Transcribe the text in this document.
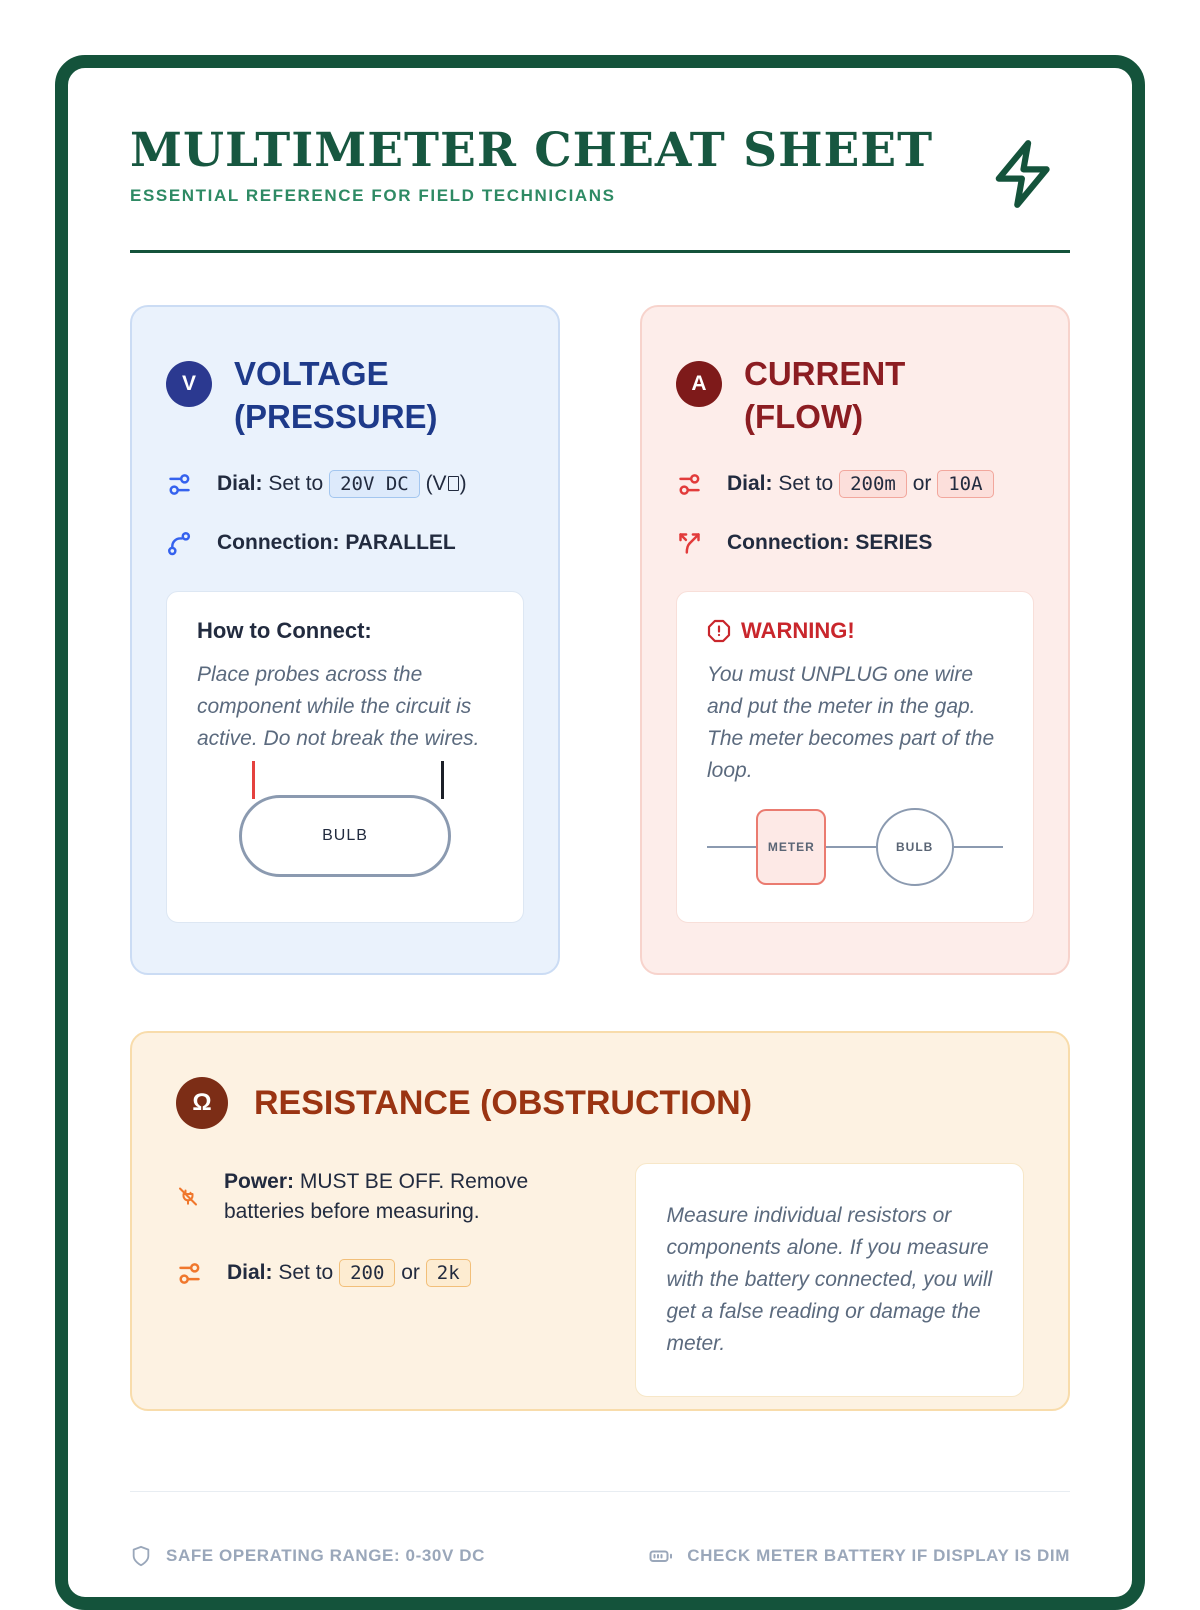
MULTIMETER CHEAT SHEET
ESSENTIAL REFERENCE FOR FIELD TECHNICIANS
V	VOLTAGE
(PRESSURE)
Dial: Set to 20V DC (V )
Connection: PARALLEL
How to Connect:
Place probes across the component while the circuit is active. Do not break the wires.
BULB
A	CURRENT
(FLOW)
Dial: Set to 200m or 10A
Connection: SERIES
WARNING!
You must UNPLUG one wire and put the meter in the gap. The meter becomes part of the loop.
METER	BULB
Ω	RESISTANCE (OBSTRUCTION)
Power: MUST BE OFF. Remove batteries before measuring.
Dial: Set to 200 or 2k
Measure individual resistors or components alone. If you measure with the battery connected, you will get a false reading or damage the meter.
SAFE OPERATING RANGE: 0-30V DC	CHECK METER BATTERY IF DISPLAY IS DIM
